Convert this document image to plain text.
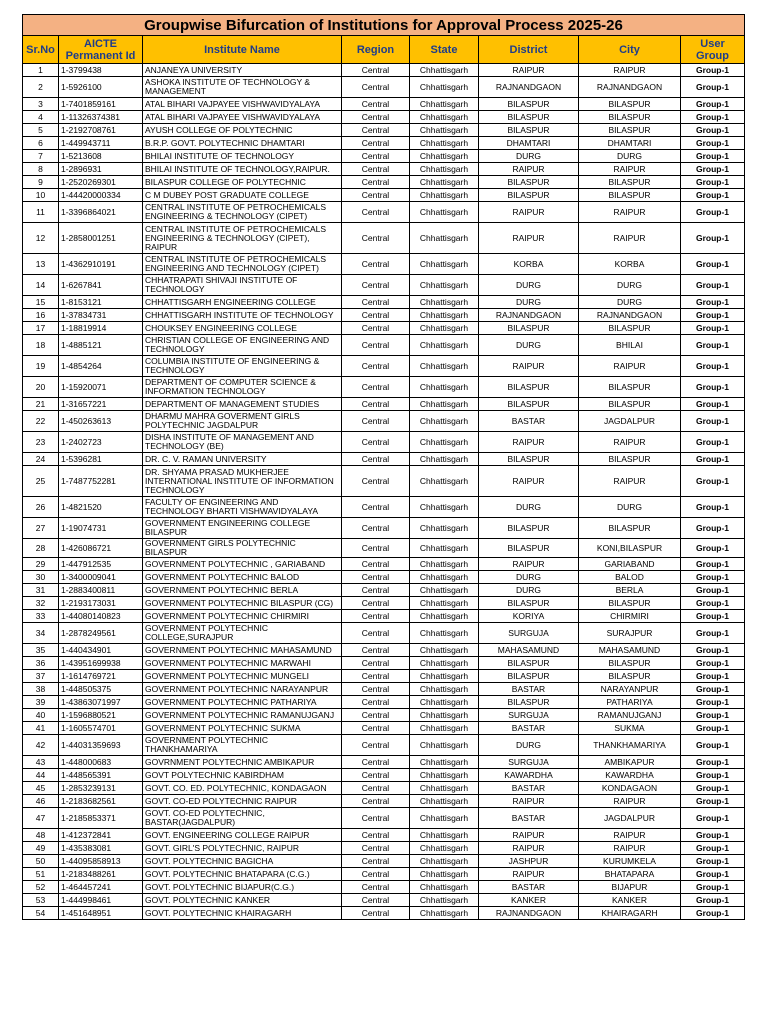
Groupwise Bifurcation of Institutions for Approval Process 2025-26							
Sr.No	AICTE Permanent Id	Institute Name	Region	State	District	City	User Group
1	1-3799438	ANJANEYA UNIVERSITY	Central	Chhattisgarh	RAIPUR	RAIPUR	Group-1
2	1-5926100	ASHOKA INSTITUTE OF TECHNOLOGY & MANAGEMENT	Central	Chhattisgarh	RAJNANDGAON	RAJNANDGAON	Group-1
3	1-7401859161	ATAL BIHARI VAJPAYEE VISHWAVIDYALAYA	Central	Chhattisgarh	BILASPUR	BILASPUR	Group-1
4	1-11326374381	ATAL BIHARI VAJPAYEE VISHWAVIDYALAYA	Central	Chhattisgarh	BILASPUR	BILASPUR	Group-1
5	1-2192708761	AYUSH COLLEGE OF POLYTECHNIC	Central	Chhattisgarh	BILASPUR	BILASPUR	Group-1
6	1-449943711	B.R.P. GOVT. POLYTECHNIC DHAMTARI	Central	Chhattisgarh	DHAMTARI	DHAMTARI	Group-1
7	1-5213608	BHILAI INSTITUTE OF TECHNOLOGY	Central	Chhattisgarh	DURG	DURG	Group-1
8	1-2896931	BHILAI INSTITUTE OF TECHNOLOGY,RAIPUR.	Central	Chhattisgarh	RAIPUR	RAIPUR	Group-1
9	1-2520269301	BILASPUR COLLEGE OF POLYTECHNIC	Central	Chhattisgarh	BILASPUR	BILASPUR	Group-1
10	1-44420000334	C M DUBEY POST GRADUATE COLLEGE	Central	Chhattisgarh	BILASPUR	BILASPUR	Group-1
11	1-3396864021	CENTRAL INSTITUTE OF PETROCHEMICALS ENGINEERING & TECHNOLOGY (CIPET)	Central	Chhattisgarh	RAIPUR	RAIPUR	Group-1
12	1-2858001251	CENTRAL INSTITUTE OF PETROCHEMICALS ENGINEERING & TECHNOLOGY (CIPET), RAIPUR	Central	Chhattisgarh	RAIPUR	RAIPUR	Group-1
13	1-4362910191	CENTRAL INSTITUTE OF PETROCHEMICALS ENGINEERING AND TECHNOLOGY (CIPET)	Central	Chhattisgarh	KORBA	KORBA	Group-1
14	1-6267841	CHHATRAPATI SHIVAJI INSTITUTE OF TECHNOLOGY	Central	Chhattisgarh	DURG	DURG	Group-1
15	1-8153121	CHHATTISGARH ENGINEERING COLLEGE	Central	Chhattisgarh	DURG	DURG	Group-1
16	1-37834731	CHHATTISGARH INSTITUTE OF TECHNOLOGY	Central	Chhattisgarh	RAJNANDGAON	RAJNANDGAON	Group-1
17	1-18819914	CHOUKSEY ENGINEERING COLLEGE	Central	Chhattisgarh	BILASPUR	BILASPUR	Group-1
18	1-4885121	CHRISTIAN COLLEGE OF ENGINEERING AND TECHNOLOGY	Central	Chhattisgarh	DURG	BHILAI	Group-1
19	1-4854264	COLUMBIA INSTITUTE OF ENGINEERING & TECHNOLOGY	Central	Chhattisgarh	RAIPUR	RAIPUR	Group-1
20	1-15920071	DEPARTMENT OF COMPUTER SCIENCE & INFORMATION TECHNOLOGY	Central	Chhattisgarh	BILASPUR	BILASPUR	Group-1
21	1-31657221	DEPARTMENT OF MANAGEMENT STUDIES	Central	Chhattisgarh	BILASPUR	BILASPUR	Group-1
22	1-450263613	DHARMU MAHRA GOVERMENT GIRLS POLYTECHNIC JAGDALPUR	Central	Chhattisgarh	BASTAR	JAGDALPUR	Group-1
23	1-2402723	DISHA INSTITUTE OF MANAGEMENT AND TECHNOLOGY (BE)	Central	Chhattisgarh	RAIPUR	RAIPUR	Group-1
24	1-5396281	DR. C. V. RAMAN UNIVERSITY	Central	Chhattisgarh	BILASPUR	BILASPUR	Group-1
25	1-7487752281	DR. SHYAMA PRASAD MUKHERJEE INTERNATIONAL INSTITUTE OF INFORMATION TECHNOLOGY	Central	Chhattisgarh	RAIPUR	RAIPUR	Group-1
26	1-4821520	FACULTY OF ENGINEERING AND TECHNOLOGY BHARTI VISHWAVIDYALAYA	Central	Chhattisgarh	DURG	DURG	Group-1
27	1-19074731	GOVERNMENT ENGINEERING COLLEGE BILASPUR	Central	Chhattisgarh	BILASPUR	BILASPUR	Group-1
28	1-426086721	GOVERNMENT GIRLS POLYTECHNIC BILASPUR	Central	Chhattisgarh	BILASPUR	KONI,BILASPUR	Group-1
29	1-447912535	GOVERNMENT POLYTECHNIC , GARIABAND	Central	Chhattisgarh	RAIPUR	GARIABAND	Group-1
30	1-3400009041	GOVERNMENT POLYTECHNIC BALOD	Central	Chhattisgarh	DURG	BALOD	Group-1
31	1-2883400811	GOVERNMENT POLYTECHNIC BERLA	Central	Chhattisgarh	DURG	BERLA	Group-1
32	1-2193173031	GOVERNMENT POLYTECHNIC BILASPUR (CG)	Central	Chhattisgarh	BILASPUR	BILASPUR	Group-1
33	1-44080140823	GOVERNMENT POLYTECHNIC CHIRMIRI	Central	Chhattisgarh	KORIYA	CHIRMIRI	Group-1
34	1-2878249561	GOVERNMENT POLYTECHNIC COLLEGE,SURAJPUR	Central	Chhattisgarh	SURGUJA	SURAJPUR	Group-1
35	1-440434901	GOVERNMENT POLYTECHNIC MAHASAMUND	Central	Chhattisgarh	MAHASAMUND	MAHASAMUND	Group-1
36	1-43951699938	GOVERNMENT POLYTECHNIC MARWAHI	Central	Chhattisgarh	BILASPUR	BILASPUR	Group-1
37	1-1614769721	GOVERNMENT POLYTECHNIC MUNGELI	Central	Chhattisgarh	BILASPUR	BILASPUR	Group-1
38	1-448505375	GOVERNMENT POLYTECHNIC NARAYANPUR	Central	Chhattisgarh	BASTAR	NARAYANPUR	Group-1
39	1-43863071997	GOVERNMENT POLYTECHNIC PATHARIYA	Central	Chhattisgarh	BILASPUR	PATHARIYA	Group-1
40	1-1596880521	GOVERNMENT POLYTECHNIC RAMANUJGANJ	Central	Chhattisgarh	SURGUJA	RAMANUJGANJ	Group-1
41	1-1605574701	GOVERNMENT POLYTECHNIC SUKMA	Central	Chhattisgarh	BASTAR	SUKMA	Group-1
42	1-44031359693	GOVERNMENT POLYTECHNIC THANKHAMARIYA	Central	Chhattisgarh	DURG	THANKHAMARIYA	Group-1
43	1-448000683	GOVRNMENT POLYTECHNIC AMBIKAPUR	Central	Chhattisgarh	SURGUJA	AMBIKAPUR	Group-1
44	1-448565391	GOVT POLYTECHNIC KABIRDHAM	Central	Chhattisgarh	KAWARDHA	KAWARDHA	Group-1
45	1-2853239131	GOVT. CO. ED. POLYTECHNIC, KONDAGAON	Central	Chhattisgarh	BASTAR	KONDAGAON	Group-1
46	1-2183682561	GOVT. CO-ED POLYTECHNIC RAIPUR	Central	Chhattisgarh	RAIPUR	RAIPUR	Group-1
47	1-2185853371	GOVT. CO-ED POLYTECHNIC, BASTAR(JAGDALPUR)	Central	Chhattisgarh	BASTAR	JAGDALPUR	Group-1
48	1-412372841	GOVT. ENGINEERING COLLEGE RAIPUR	Central	Chhattisgarh	RAIPUR	RAIPUR	Group-1
49	1-435383081	GOVT. GIRL'S POLYTECHNIC, RAIPUR	Central	Chhattisgarh	RAIPUR	RAIPUR	Group-1
50	1-44095858913	GOVT. POLYTECHNIC BAGICHA	Central	Chhattisgarh	JASHPUR	KURUMKELA	Group-1
51	1-2183488261	GOVT. POLYTECHNIC BHATAPARA (C.G.)	Central	Chhattisgarh	RAIPUR	BHATAPARA	Group-1
52	1-464457241	GOVT. POLYTECHNIC BIJAPUR(C.G.)	Central	Chhattisgarh	BASTAR	BIJAPUR	Group-1
53	1-444998461	GOVT. POLYTECHNIC KANKER	Central	Chhattisgarh	KANKER	KANKER	Group-1
54	1-451648951	GOVT. POLYTECHNIC KHAIRAGARH	Central	Chhattisgarh	RAJNANDGAON	KHAIRAGARH	Group-1
